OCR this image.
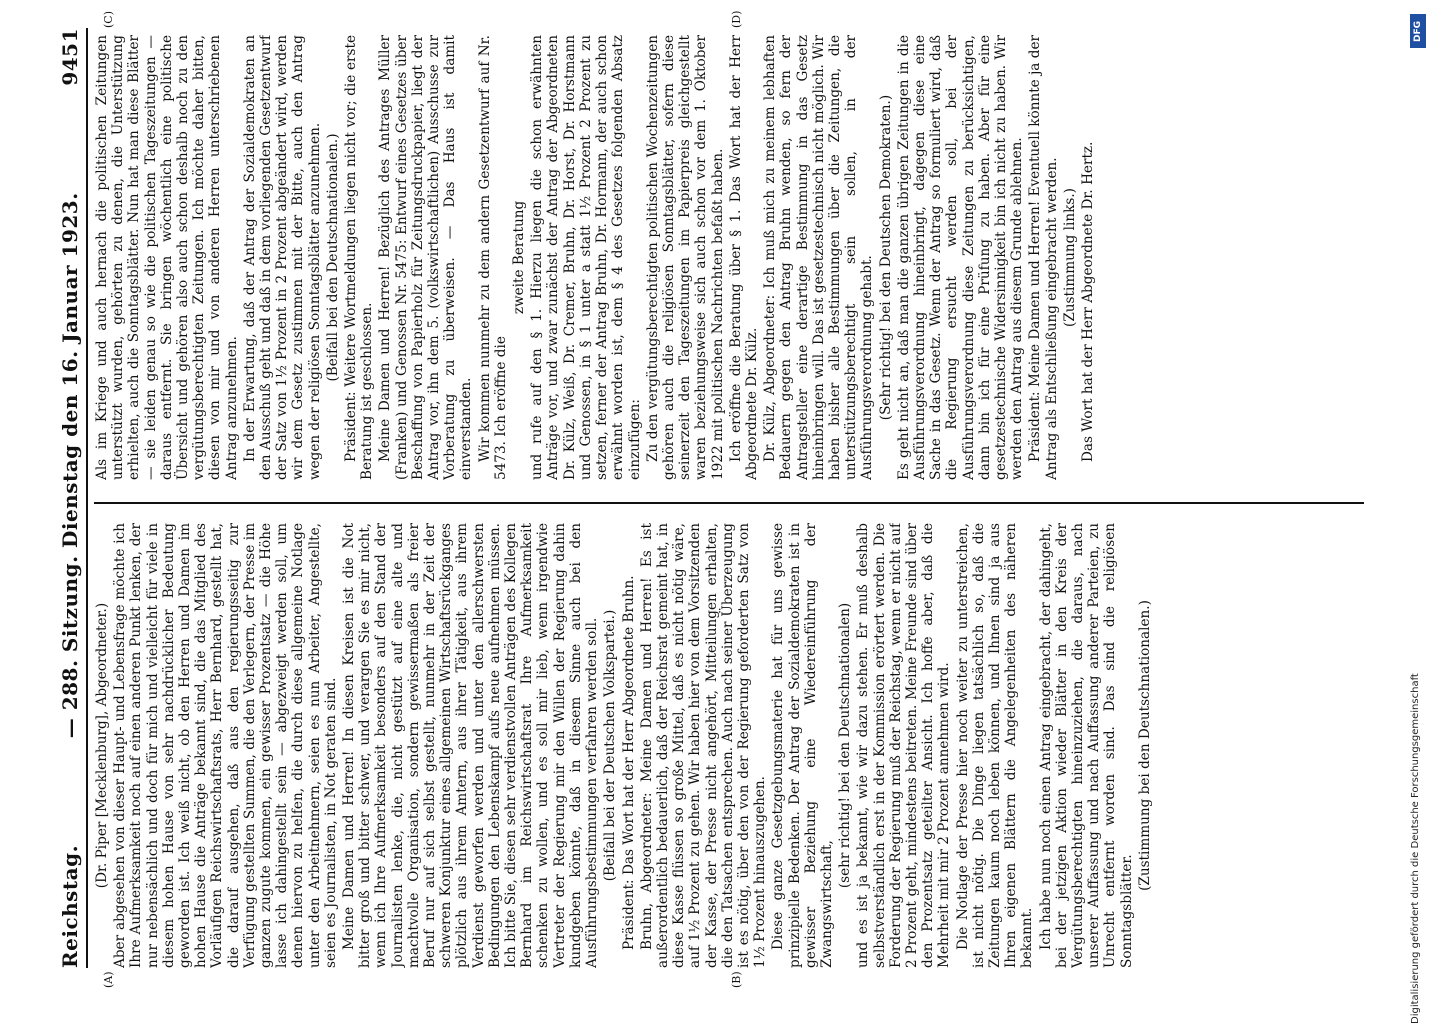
Reichstag.
— 288. Sitzung. Dienstag den 16. Januar 1923.
9451
(A)	(B)
(C)	(D)

(Dr. Piper [Mecklenburg], Abgeordneter.) Aber abgesehen von dieser Haupt- und Lebensfrage möchte ich Ihre Aufmerksamkeit noch auf einen anderen Punkt lenken, der nur nebensächlich und doch für mich und vielleicht für viele in diesem hohen Hause von sehr nachdrücklicher Bedeutung geworden ist. Ich weiß nicht, ob den Herren und Damen im hohen Hause die Anträge bekannt sind, die das Mitglied des Vorläufigen Reichswirtschaftsrats, Herr Bernhard, gestellt hat, die darauf ausgehen, daß aus den regierungsseitig zur Verfügung gestellten Summen, die den Verlegern, der Presse im ganzen zugute kommen, ein gewisser Prozentsatz — die Höhe lasse ich dahingestellt sein — abgezweigt werden soll, um denen hiervon zu helfen, die durch diese allgemeine Notlage unter den Arbeitnehmern, seien es nun Arbeiter, Angestellte, seien es Journalisten, in Not geraten sind. Meine Damen und Herren! In diesen Kreisen ist die Not bitter groß und bitter schwer, und verargen Sie es mir nicht, wenn ich Ihre Aufmerksamkeit besonders auf den Stand der Journalisten lenke, die, nicht gestützt auf eine alte und machtvolle Organisation, sondern gewissermaßen als freier Beruf nur auf sich selbst gestellt, nunmehr in der Zeit der schweren Konjunktur eines allgemeinen Wirtschaftsrückganges plötzlich aus ihrem Amtern, aus ihrer Tätigkeit, aus ihrem Verdienst geworfen werden und unter den allerschwersten Bedingungen den Lebenskampf aufs neue aufnehmen müssen. Ich bitte Sie, diesen sehr verdienstvollen Anträgen des Kollegen Bernhard im Reichswirtschaftsrat Ihre Aufmerksamkeit schenken zu wollen, und es soll mir lieb, wenn irgendwie Vertreter der Regierung mir den Willen der Regierung dahin kundgeben könnte, daß in diesem Sinne auch bei den Ausführungsbestimmungen verfahren werden soll. (Beifall bei der Deutschen Volkspartei.) Präsident: Das Wort hat der Herr Abgeordnete Bruhn. Bruhn, Abgeordneter: Meine Damen und Herren! Es ist außerordentlich bedauerlich, daß der Reichsrat gemeint hat, in diese Kasse flüssen so große Mittel, daß es nicht nötig wäre, auf 1½ Prozent zu gehen. Wir haben hier von dem Vorsitzenden der Kasse, der Presse nicht angehört, Mitteilungen erhalten, die den Tatsachen entsprechen. Auch nach seiner Überzeugung ist es nötig, über den von der Regierung geforderten Satz von 1½ Prozent hinauszugehen. Diese ganze Gesetzgebungsmaterie hat für uns gewisse prinzipielle Bedenken. Der Antrag der Sozialdemokraten ist in gewisser Beziehung eine Wiedereinführung der Zwangswirtschaft,

(sehr richtig! bei den Deutschnationalen) und es ist ja bekannt, wie wir dazu stehen. Er muß deshalb selbstverständlich erst in der Kommission erörtert werden. Die Forderung der Regierung muß der Reichstag, wenn er nicht auf 2 Prozent geht, mindestens beitreten. Meine Freunde sind über den Prozentsatz geteilter Ansicht. Ich hoffe aber, daß die Mehrheit mit mir 2 Prozent annehmen wird. Die Notlage der Presse hier noch weiter zu unterstreichen, ist nicht nötig. Die Dinge liegen tatsächlich so, daß die Zeitungen kaum noch leben können, und Ihnen sind ja aus Ihren eigenen Blättern die Angelegenheiten des näheren bekannt. Ich habe nun noch einen Antrag eingebracht, der dahingeht, bei der jetzigen Aktion wieder Blätter in den Kreis der Vergütungsberechtigten hineinzuziehen, die daraus, nach unserer Auffassung und nach Auffassung anderer Parteien, zu Unrecht entfernt worden sind. Das sind die religiösen Sonntagsblätter.

(Zustimmung bei den Deutschnationalen.)

Als im Kriege und auch hernach die politischen Zeitungen unterstützt wurden, gehörten zu denen, die Unterstützung erhielten, auch die Sonntagsblätter. Nun hat man diese Blätter — sie leiden genau so wie die politischen Tageszeitungen — daraus entfernt. Sie bringen wöchentlich eine politische Übersicht und gehören also auch schon deshalb noch zu den vergütungsberechtigten Zeitungen. Ich möchte daher bitten, diesen von mir und von anderen Herren unterschriebenen Antrag anzunehmen. In der Erwartung, daß der Antrag der Sozialdemokraten an den Ausschuß geht und daß in dem vorliegenden Gesetzentwurf der Satz von 1½ Prozent in 2 Prozent abgeändert wird, werden wir dem Gesetz zustimmen mit der Bitte, auch den Antrag wegen der religiösen Sonntagsblätter anzunehmen. (Beifall bei den Deutschnationalen.) Präsident: Weitere Wortmeldungen liegen nicht vor; die erste Beratung ist geschlossen. Meine Damen und Herren! Bezüglich des Antrages Müller (Franken) und Genossen Nr. 5475: Entwurf eines Gesetzes über Beschaffung von Papierholz für Zeitungsdruckpapier, liegt der Antrag vor, ihn dem 5. (volkswirtschaftlichen) Ausschusse zur Vorberatung zu überweisen. — Das Haus ist damit einverstanden. Wir kommen nunmehr zu dem andern Gesetzentwurf auf Nr. 5473. Ich eröffne die

zweite Beratung und rufe auf den § 1. Hierzu liegen die schon erwähnten Anträge vor, und zwar zunächst der Antrag der Abgeordneten Dr. Külz, Weiß, Dr. Cremer, Bruhn, Dr. Horst, Dr. Horstmann und Genossen, in § 1 unter a statt 1½ Prozent 2 Prozent zu setzen, ferner der Antrag Bruhn, Dr. Hormann, der auch schon erwähnt worden ist, dem § 4 des Gesetzes folgenden Absatz einzufügen: Zu den vergütungsberechtigten politischen Wochenzeitungen gehören auch die religiösen Sonntagsblätter, sofern diese seinerzeit den Tageszeitungen im Papierpreis gleichgestellt waren beziehungsweise sich auch schon vor dem 1. Oktober 1922 mit politischen Nachrichten befaßt haben. Ich eröffne die Beratung über § 1. Das Wort hat der Herr Abgeordnete Dr. Külz. Dr. Külz, Abgeordneter: Ich muß mich zu meinem lebhaften Bedauern gegen den Antrag Bruhn wenden, so fern der Antragsteller eine derartige Bestimmung in das Gesetz hineinbringen will. Das ist gesetzestechnisch nicht möglich. Wir haben bisher alle Bestimmungen über die Zeitungen, die unterstützungsberechtigt sein sollen, in der Ausführungsverordnung gehabt. (Sehr richtig! bei den Deutschen Demokraten.) Es geht nicht an, daß man die ganzen übrigen Zeitungen in die Ausführungsverordnung hineinbringt, dagegen diese eine Sache in das Gesetz. Wenn der Antrag so formuliert wird, daß die Regierung ersucht werden soll, bei der Ausführungsverordnung diese Zeitungen zu berücksichtigen, dann bin ich für eine Prüfung zu haben. Aber für eine gesetzestechnische Widersinnigkeit bin ich nicht zu haben. Wir werden den Antrag aus diesem Grunde ablehnen. Präsident: Meine Damen und Herren! Eventuell könnte ja der Antrag als Entschließung eingebracht werden. (Zustimmung links.) Das Wort hat der Herr Abgeordnete Dr. Hertz.

DFG
Digitalisierung gefördert durch die Deutsche Forschungsgemeinschaft
